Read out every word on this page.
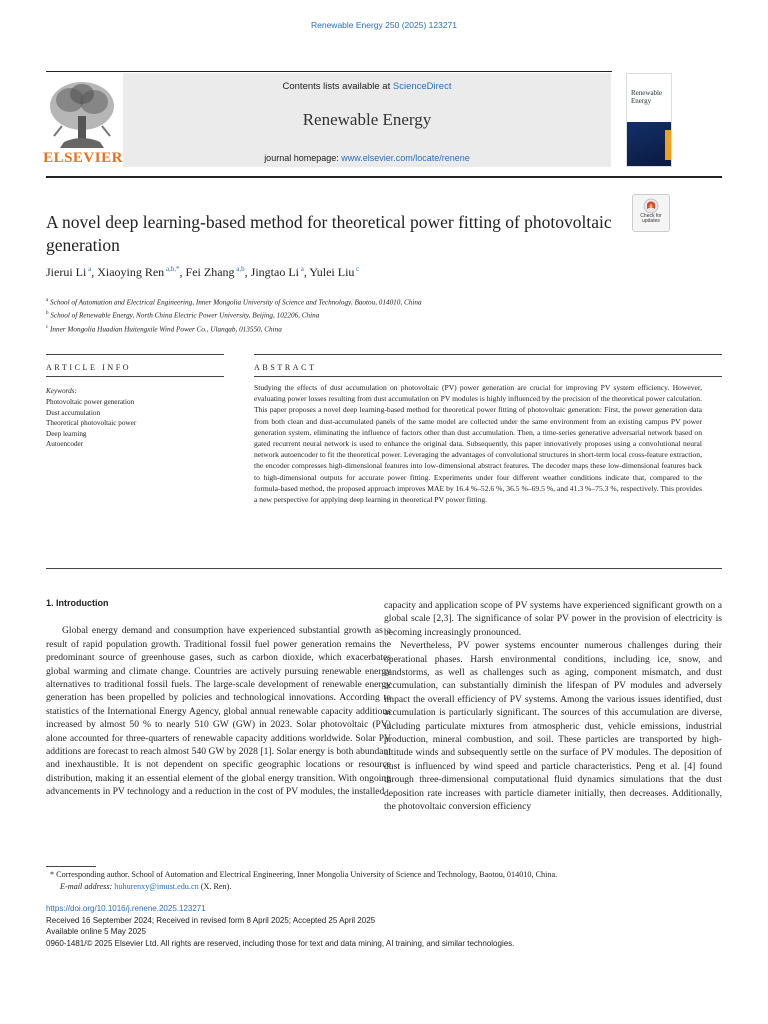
Renewable Energy 250 (2025) 123271
ELSEVIER
Contents lists available at ScienceDirect
Renewable Energy
journal homepage: www.elsevier.com/locate/renene
Renewable Energy
Check for updates
A novel deep learning-based method for theoretical power fitting of photovoltaic generation
Jierui Li $^a$, Xiaoying Ren $^{a,b,*}$, Fei Zhang $^{a,b}$, Jingtao Li $^a$, Yulei Liu $^c$
$^a$ School of Automation and Electrical Engineering, Inner Mongolia University of Science and Technology, Baotou, 014010, China
$^b$ School of Renewable Energy, North China Electric Power University, Beijing, 102206, China
$^c$ Inner Mongolia Huadian Huitengxile Wind Power Co., Ulanqab, 013550, China
ARTICLE INFO	ABSTRACT
Keywords:
Photovoltaic power generation
Dust accumulation
Theoretical photovoltaic power
Deep learning
Autoencoder
Studying the effects of dust accumulation on photovoltaic (PV) power generation are crucial for improving PV system efficiency. However, evaluating power losses resulting from dust accumulation on PV modules is highly influenced by the precision of the theoretical power calculation. This paper proposes a novel deep learning-based method for theoretical power fitting of photovoltaic generation: First, the power generation data from both clean and dust-accumulated panels of the same model are collected under the same environment from an existing campus PV power generation system, eliminating the influence of factors other than dust accumulation. Then, a time-series generative adversarial network based on gated recurrent neural network is used to enhance the original data. Subsequently, this paper innovatively proposes using a convolutional neural network autoencoder to fit the theoretical power. Leveraging the advantages of convolutional structures in short-term local cross-feature extraction, the encoder compresses high-dimensional features into low-dimensional abstract features. The decoder maps these low-dimensional features back to high-dimensional outputs for accurate power fitting. Experiments under four different weather conditions indicate that, compared to the formula-based method, the proposed approach improves MAE by 16.4 %–52.6 %, 36.5 %–69.5 %, and 41.3 %–75.3 %, respectively. This provides a new perspective for applying deep learning in theoretical PV power fitting.
1. Introduction

Global energy demand and consumption have experienced substantial growth as a result of rapid population growth. Traditional fossil fuel power generation remains the predominant source of greenhouse gases, such as carbon dioxide, which exacerbates global warming and climate change. Countries are actively pursuing renewable energy alternatives to traditional fossil fuels. The large-scale development of renewable energy generation has been propelled by policies and technological innovations. According to statistics of the International Energy Agency, global annual renewable capacity additions increased by almost 50 % to nearly 510 GW (GW) in 2023. Solar photovoltaic (PV) alone accounted for three-quarters of renewable capacity additions worldwide. Solar PV additions are forecast to reach almost 540 GW by 2028 [1]. Solar energy is both abundant and inexhaustible. It is not dependent on specific geographic locations or resource distribution, making it an essential element of the global energy transition. With ongoing advancements in PV technology and a reduction in the cost of PV modules, the installed

capacity and application scope of PV systems have experienced significant growth on a global scale [2,3]. The significance of solar PV power in the provision of electricity is becoming increasingly pronounced.

Nevertheless, PV power systems encounter numerous challenges during their operational phases. Harsh environmental conditions, including ice, snow, and sandstorms, as well as challenges such as aging, component mismatch, and dust accumulation, can substantially diminish the lifespan of PV modules and adversely impact the overall efficiency of PV systems. Among the various issues identified, dust accumulation is particularly significant. The sources of this accumulation are diverse, including particulate mixtures from atmospheric dust, vehicle emissions, industrial production, mineral combustion, and soil. These particles are transported by high-altitude winds and subsequently settle on the surface of PV modules. The deposition of dust is influenced by wind speed and particle characteristics. Peng et al. [4] found through three-dimensional computational fluid dynamics simulations that the dust deposition rate increases with particle diameter initially, then decreases. Additionally, the photovoltaic conversion efficiency

* Corresponding author. School of Automation and Electrical Engineering, Inner Mongolia University of Science and Technology, Baotou, 014010, China.
E-mail address: huhurenxy@imust.edu.cn (X. Ren).
https://doi.org/10.1016/j.renene.2025.123271
Received 16 September 2024; Received in revised form 8 April 2025; Accepted 25 April 2025
Available online 5 May 2025
0960-1481/© 2025 Elsevier Ltd. All rights are reserved, including those for text and data mining, AI training, and similar technologies.
